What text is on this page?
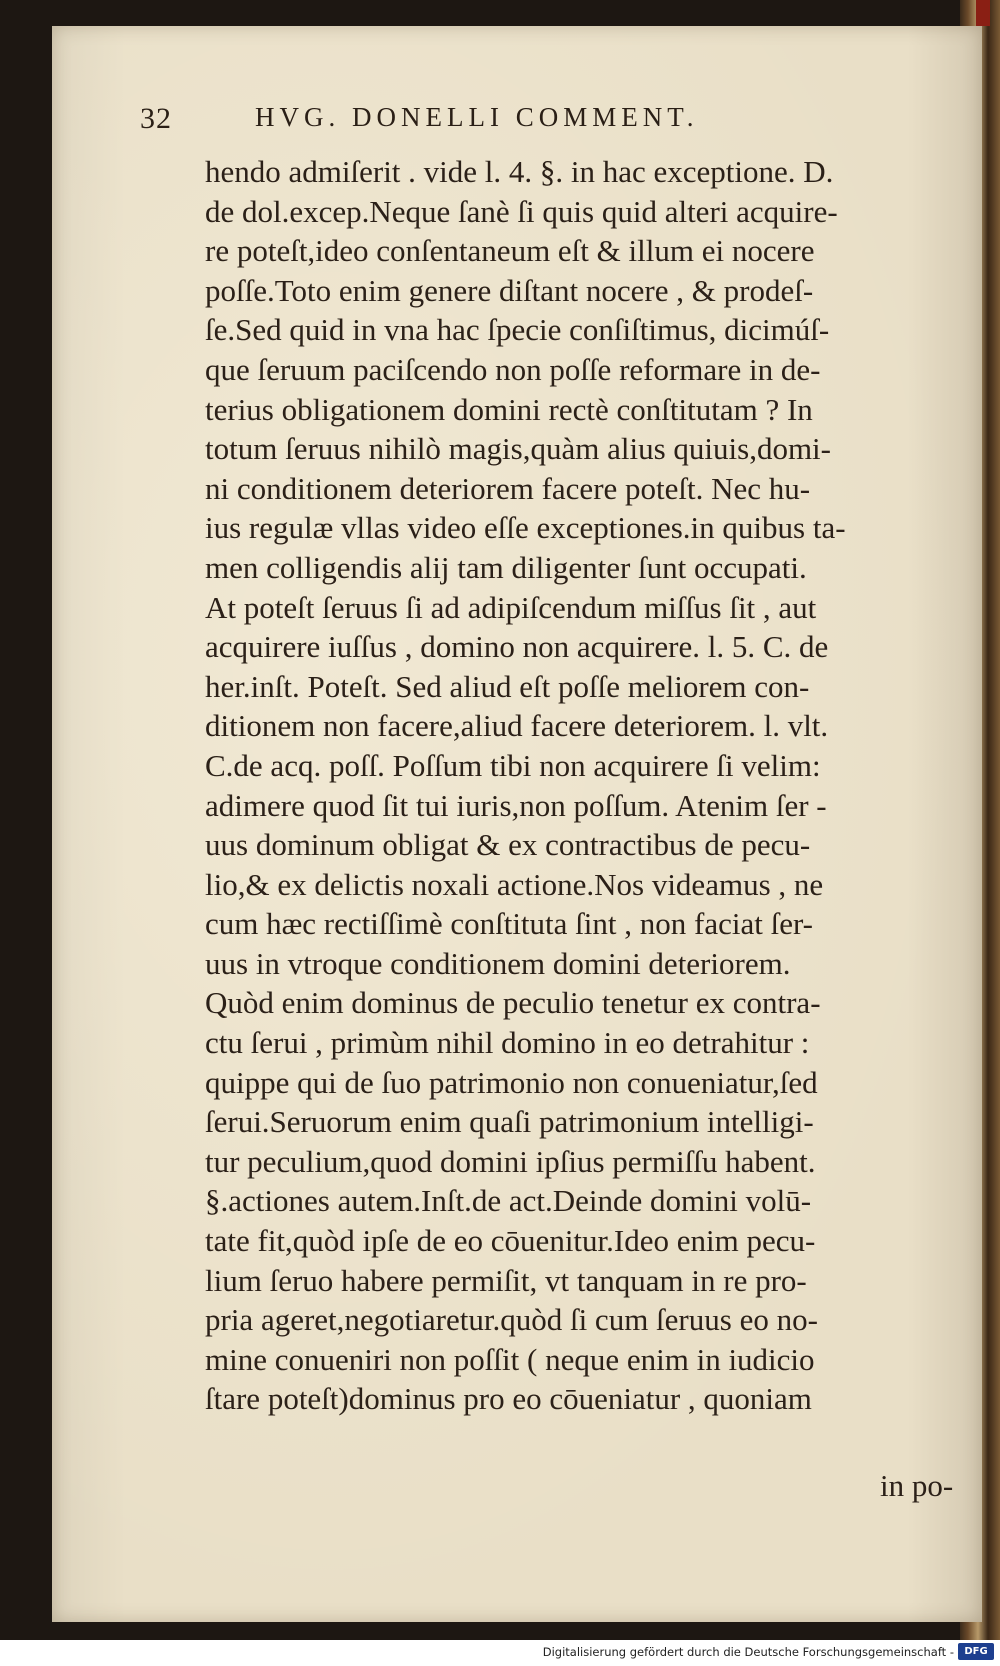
32	HVG. DONELLI COMMENT.
hendo admiſerit . vide l. 4. §. in hac exceptione. D.
de dol.excep.Neque ſanè ſi quis quid alteri acquire-
re poteſt,ideo conſentaneum eſt & illum ei nocere
poſſe.Toto enim genere diſtant nocere , & prodeſ-
ſe.Sed quid in vna hac ſpecie conſiſtimus, dicimúſ-
que ſeruum paciſcendo non poſſe reformare in de-
terius obligationem domini rectè conſtitutam ? In
totum ſeruus nihilò magis,quàm alius quiuis,domi-
ni conditionem deteriorem facere poteſt. Nec hu-
ius regulæ vllas video eſſe exceptiones.in quibus ta-
men colligendis alij tam diligenter ſunt occupati.
At poteſt ſeruus ſi ad adipiſcendum miſſus ſit , aut
acquirere iuſſus , domino non acquirere. l. 5. C. de
her.inſt. Poteſt. Sed aliud eſt poſſe meliorem con-
ditionem non facere,aliud facere deteriorem. l. vlt.
C.de acq. poſſ. Poſſum tibi non acquirere ſi velim:
adimere quod ſit tui iuris,non poſſum. Atenim ſer -
uus dominum obligat & ex contractibus de pecu-
lio,& ex delictis noxali actione.Nos videamus , ne
cum hæc rectiſſimè conſtituta ſint , non faciat ſer-
uus in vtroque conditionem domini deteriorem.
Quòd enim dominus de peculio tenetur ex contra-
ctu ſerui , primùm nihil domino in eo detrahitur :
quippe qui de ſuo patrimonio non conueniatur,ſed
ſerui.Seruorum enim quaſi patrimonium intelligi-
tur peculium,quod domini ipſius permiſſu habent.
§.actiones autem.Inſt.de act.Deinde domini volū-
tate fit,quòd ipſe de eo cōuenitur.Ideo enim pecu-
lium ſeruo habere permiſit, vt tanquam in re pro-
pria ageret,negotiaretur.quòd ſi cum ſeruus eo no-
mine conueniri non poſſit ( neque enim in iudicio
ſtare poteſt)dominus pro eo cōueniatur , quoniam
in po-
Digitalisierung gefördert durch die Deutsche Forschungsgemeinschaft -	DFG
